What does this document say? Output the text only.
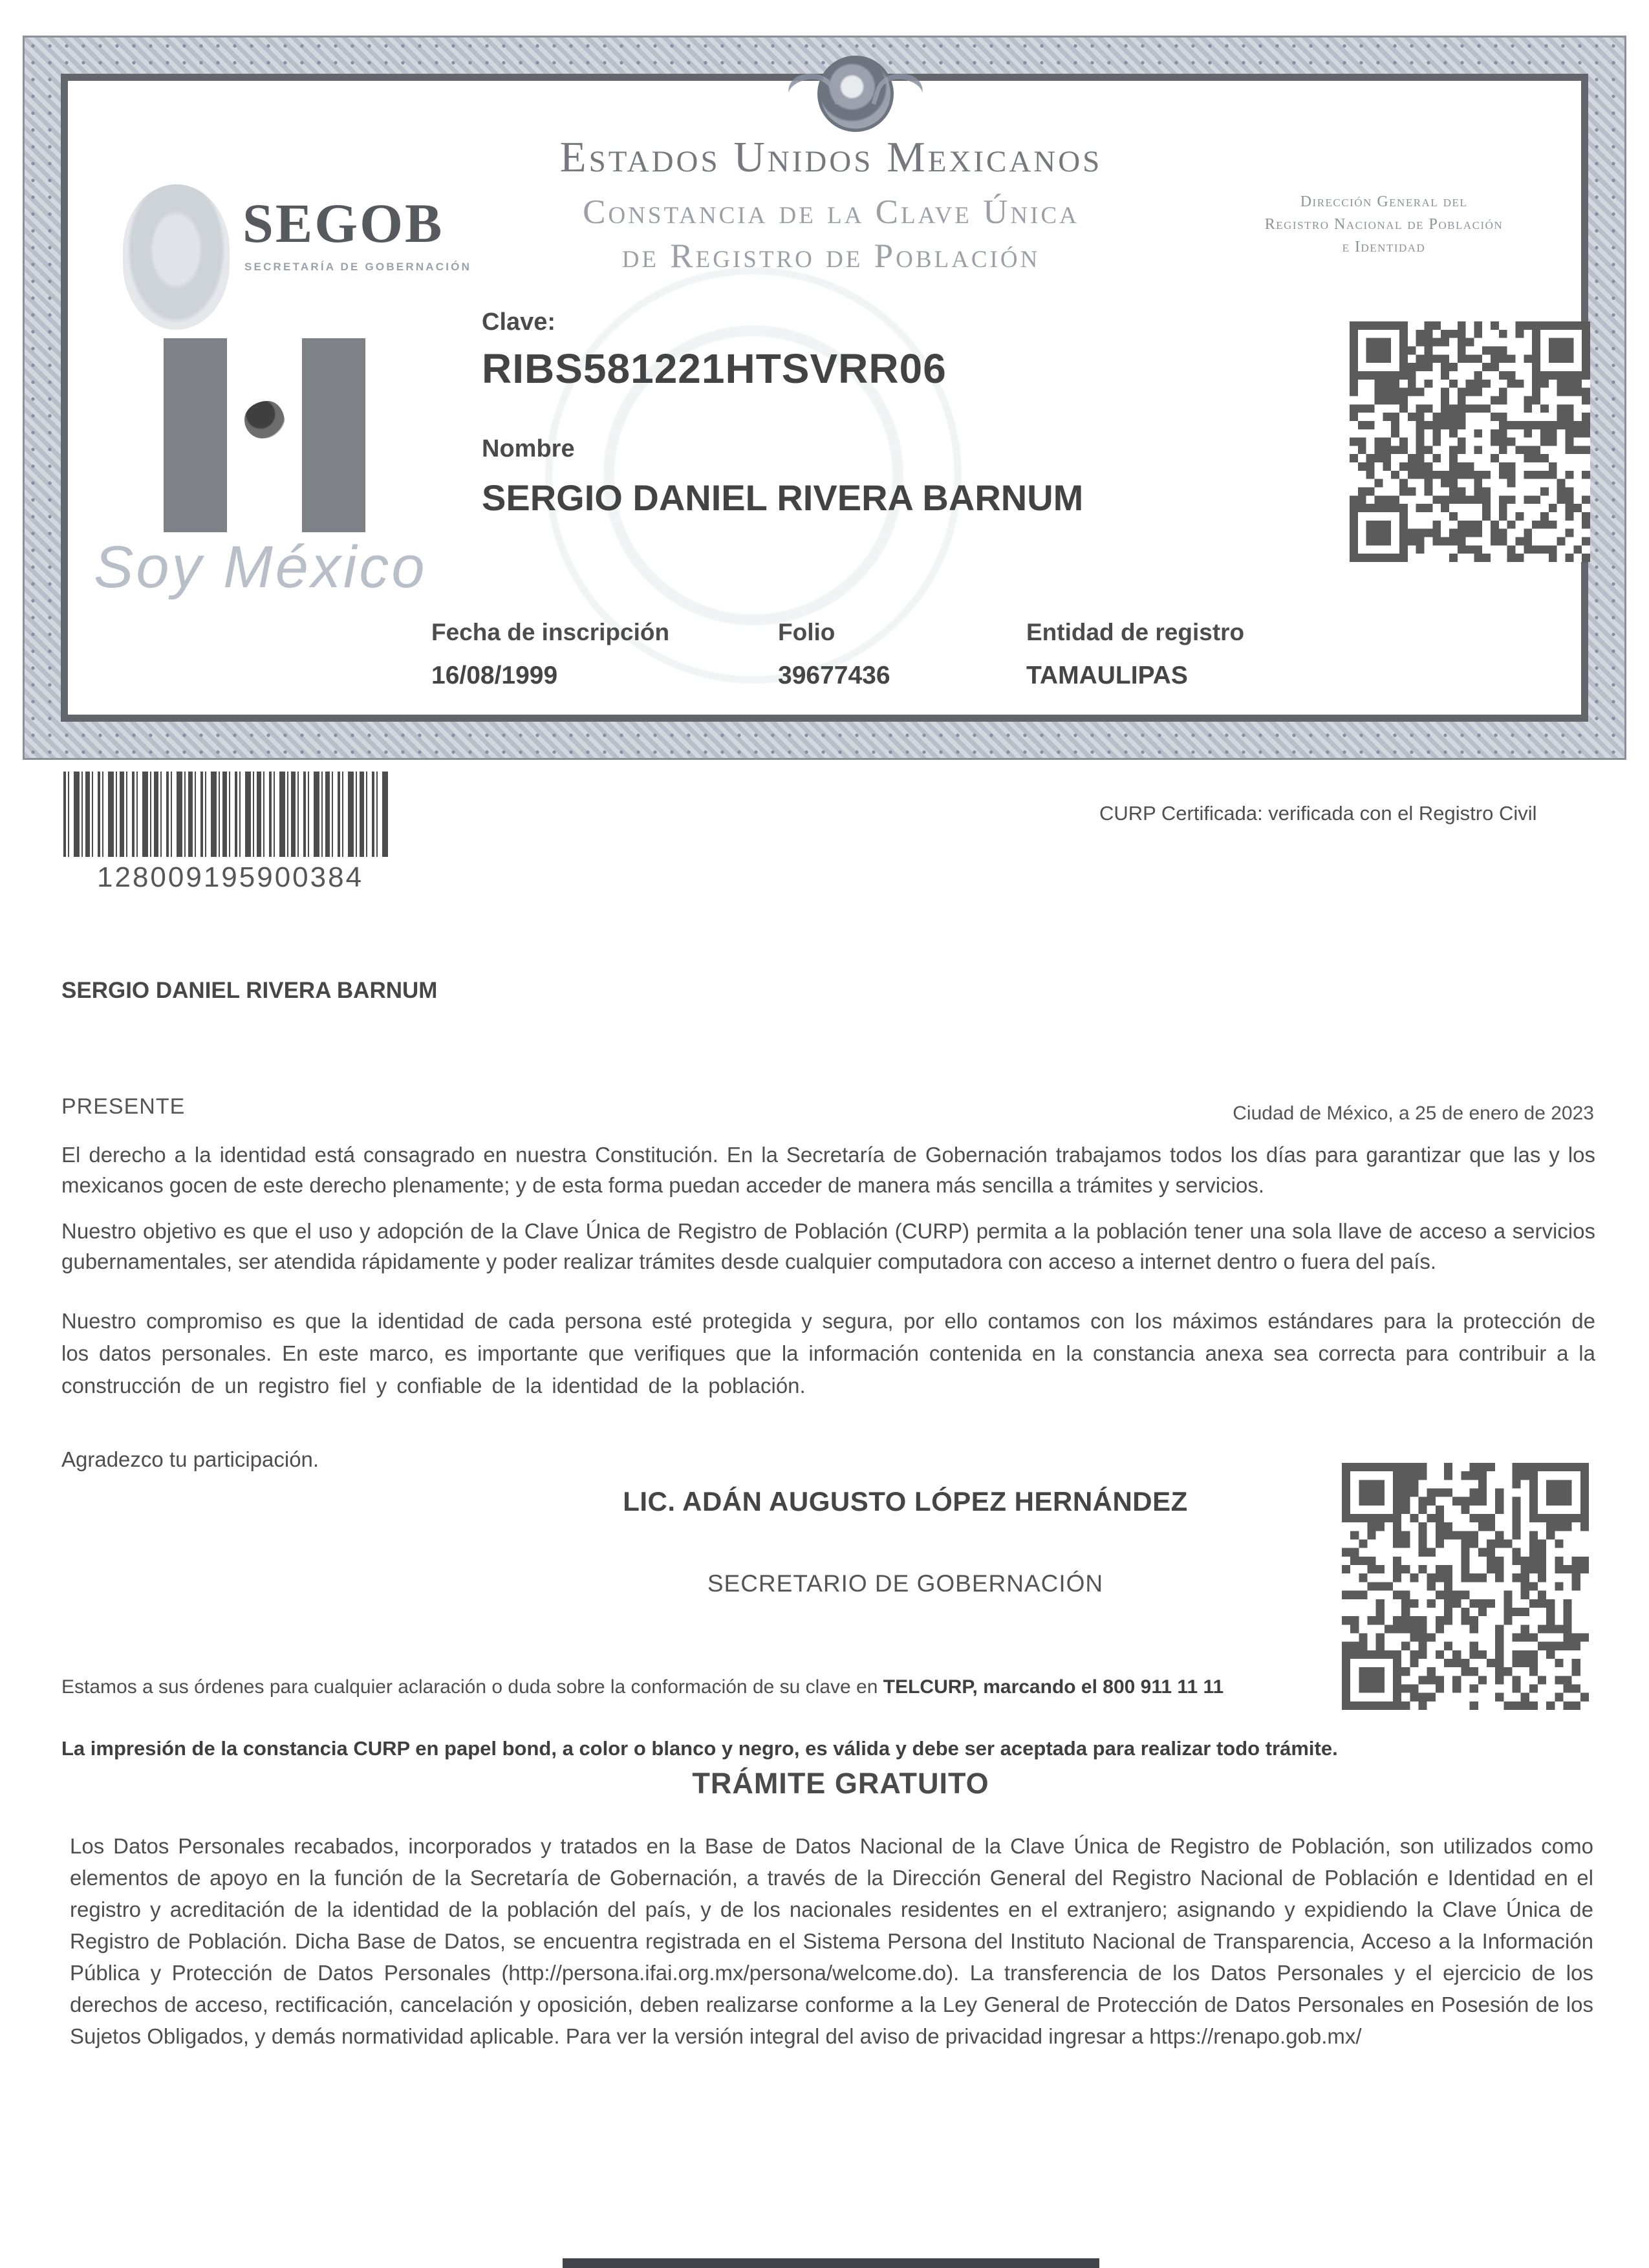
SEGOB
SECRETARÍA DE GOBERNACIÓN
Estados Unidos Mexicanos
Constancia de la Clave Única
de Registro de Población
Dirección General del
Registro Nacional de Población
e Identidad
Clave:
RIBS581221HTSVRR06
Nombre
SERGIO DANIEL RIVERA BARNUM
Soy México
Fecha de inscripción
16/08/1999
Folio
39677436
Entidad de registro
TAMAULIPAS
128009195900384
CURP Certificada: verificada con el Registro Civil
SERGIO DANIEL RIVERA BARNUM
PRESENTE	Ciudad de México, a 25 de enero de 2023
El derecho a la identidad está consagrado en nuestra Constitución. En la Secretaría de Gobernación trabajamos todos los días para garantizar que las y los mexicanos gocen de este derecho plenamente; y de esta forma puedan acceder de manera más sencilla a trámites y servicios.
Nuestro objetivo es que el uso y adopción de la Clave Única de Registro de Población (CURP) permita a la población tener una sola llave de acceso a servicios gubernamentales, ser atendida rápidamente y poder realizar trámites desde cualquier computadora con acceso a internet dentro o fuera del país.
Nuestro compromiso es que la identidad de cada persona esté protegida y segura, por ello contamos con los máximos estándares para la protección de los datos personales. En este marco, es importante que verifiques que la información contenida en la constancia anexa sea correcta para contribuir a la construcción de un registro fiel y confiable de la identidad de la población.
Agradezco tu participación.
LIC. ADÁN AUGUSTO LÓPEZ HERNÁNDEZ
SECRETARIO DE GOBERNACIÓN
Estamos a sus órdenes para cualquier aclaración o duda sobre la conformación de su clave en TELCURP, marcando el 800 911 11 11
La impresión de la constancia CURP en papel bond, a color o blanco y negro, es válida y debe ser aceptada para realizar todo trámite.
TRÁMITE GRATUITO
Los Datos Personales recabados, incorporados y tratados en la Base de Datos Nacional de la Clave Única de Registro de Población, son utilizados como elementos de apoyo en la función de la Secretaría de Gobernación, a través de la Dirección General del Registro Nacional de Población e Identidad en el registro y acreditación de la identidad de la población del país, y de los nacionales residentes en el extranjero; asignando y expidiendo la Clave Única de Registro de Población. Dicha Base de Datos, se encuentra registrada en el Sistema Persona del Instituto Nacional de Transparencia, Acceso a la Información Pública y Protección de Datos Personales (http://persona.ifai.org.mx/persona/welcome.do). La transferencia de los Datos Personales y el ejercicio de los derechos de acceso, rectificación, cancelación y oposición, deben realizarse conforme a la Ley General de Protección de Datos Personales en Posesión de los Sujetos Obligados, y demás normatividad aplicable. Para ver la versión integral del aviso de privacidad ingresar a https://renapo.gob.mx/
